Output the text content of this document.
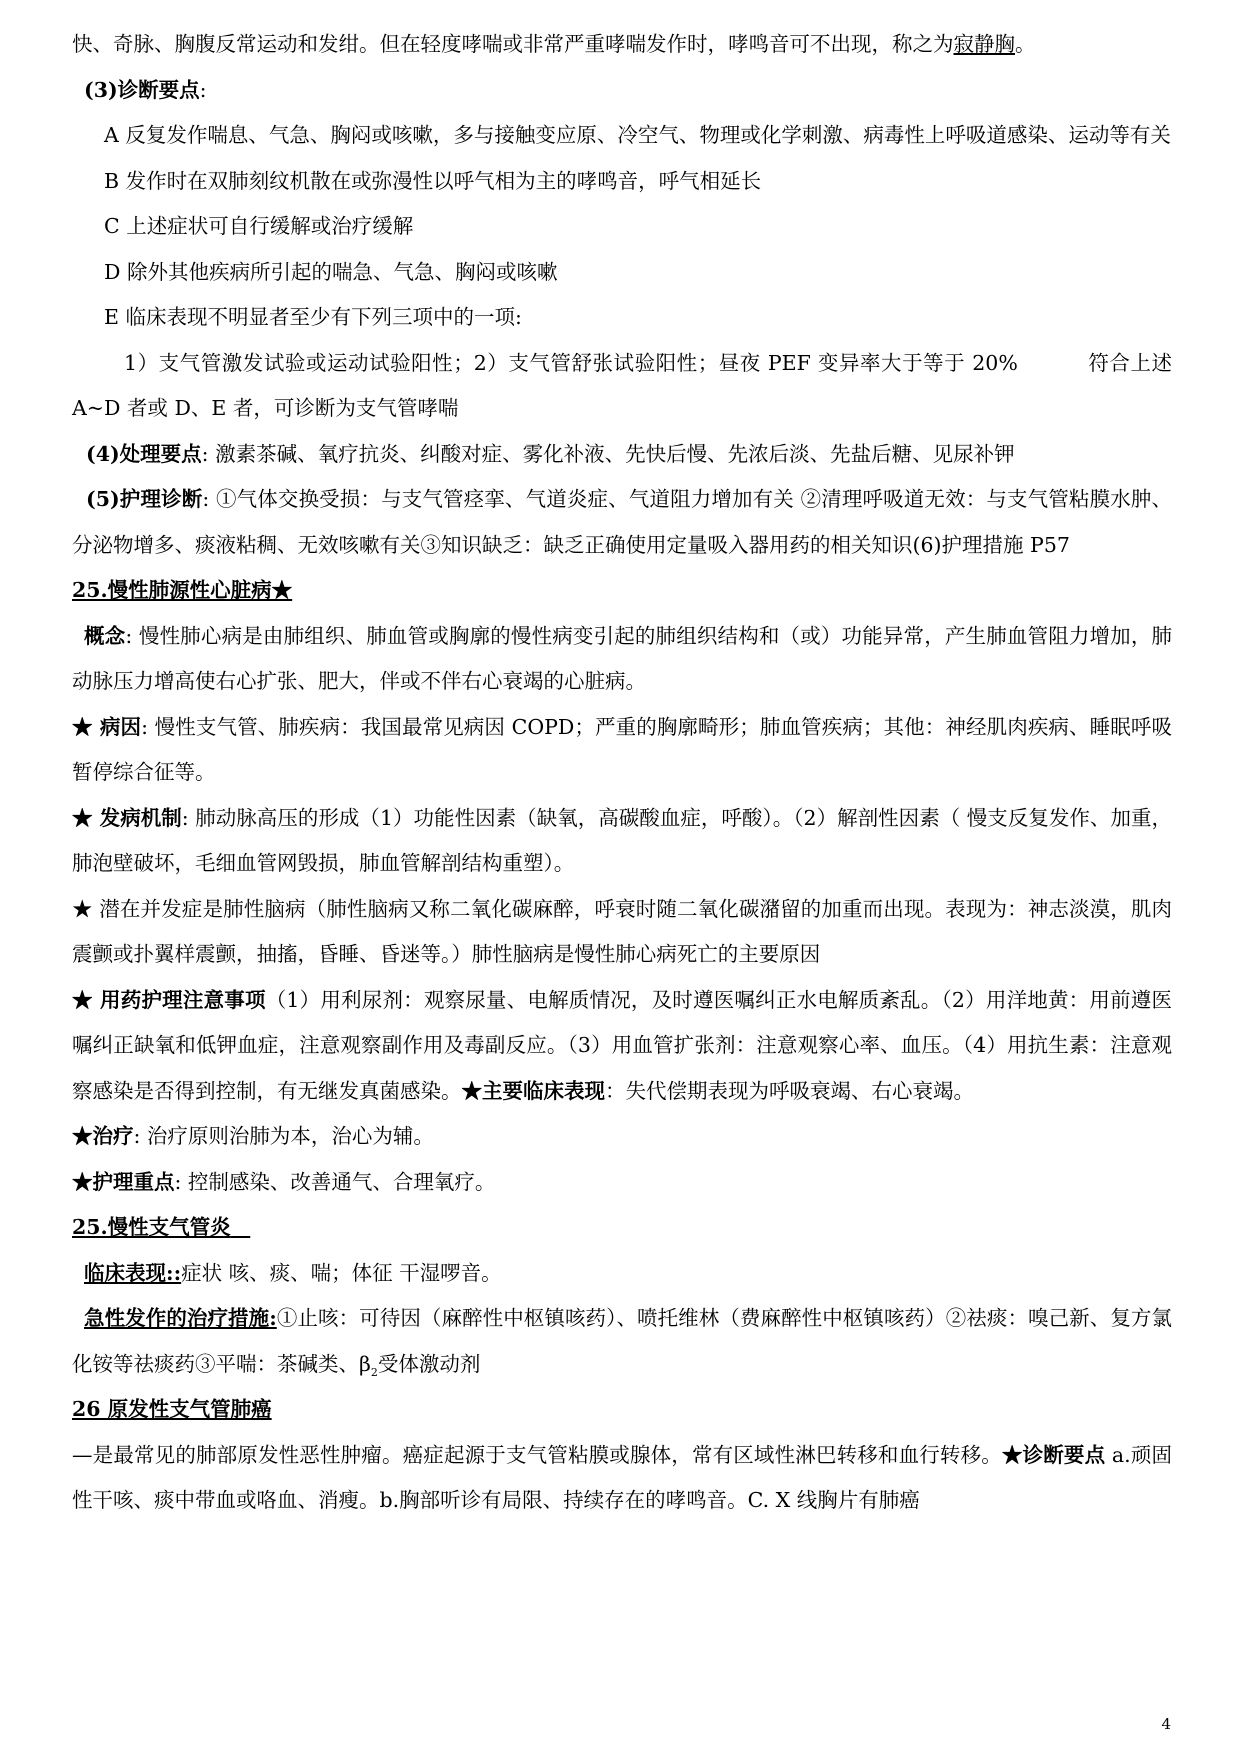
快、奇脉、胸腹反常运动和发绀。但在轻度哮喘或非常严重哮喘发作时，哮鸣音可不出现，称之为寂静胸。

(3)诊断要点:

A 反复发作喘息、气急、胸闷或咳嗽，多与接触变应原、冷空气、物理或化学刺激、病毒性上呼吸道感染、运动等有关

B 发作时在双肺刻纹机散在或弥漫性以呼气相为主的哮鸣音，呼气相延长

C 上述症状可自行缓解或治疗缓解

D 除外其他疾病所引起的喘急、气急、胸闷或咳嗽

E 临床表现不明显者至少有下列三项中的一项:

1）支气管激发试验或运动试验阳性；2）支气管舒张试验阳性；昼夜 PEF 变异率大于等于 20%	符合上述 A~D 者或 D、E 者，可诊断为支气管哮喘

(4)处理要点: 激素茶碱、氧疗抗炎、纠酸对症、雾化补液、先快后慢、先浓后淡、先盐后糖、见尿补钾

(5)护理诊断: ①气体交换受损：与支气管痉挛、气道炎症、气道阻力增加有关 ②清理呼吸道无效：与支气管粘膜水肿、分泌物增多、痰液粘稠、无效咳嗽有关③知识缺乏：缺乏正确使用定量吸入器用药的相关知识(6)护理措施 P57

25.慢性肺源性心脏病★

概念: 慢性肺心病是由肺组织、肺血管或胸廓的慢性病变引起的肺组织结构和（或）功能异常，产生肺血管阻力增加，肺动脉压力增高使右心扩张、肥大，伴或不伴右心衰竭的心脏病。

★ 病因: 慢性支气管、肺疾病：我国最常见病因 COPD；严重的胸廓畸形；肺血管疾病；其他：神经肌肉疾病、睡眠呼吸暂停综合征等。

★ 发病机制: 肺动脉高压的形成（1）功能性因素（缺氧，高碳酸血症，呼酸）。（2）解剖性因素（ 慢支反复发作、加重，肺泡壁破坏，毛细血管网毁损，肺血管解剖结构重塑）。

★ 潜在并发症是肺性脑病（肺性脑病又称二氧化碳麻醉，呼衰时随二氧化碳潴留的加重而出现。表现为：神志淡漠，肌肉震颤或扑翼样震颤，抽搐，昏睡、昏迷等。）肺性脑病是慢性肺心病死亡的主要原因

★ 用药护理注意事项（1）用利尿剂：观察尿量、电解质情况，及时遵医嘱纠正水电解质紊乱。（2）用洋地黄：用前遵医嘱纠正缺氧和低钾血症，注意观察副作用及毒副反应。（3）用血管扩张剂：注意观察心率、血压。（4）用抗生素：注意观察感染是否得到控制，有无继发真菌感染。★主要临床表现：失代偿期表现为呼吸衰竭、右心衰竭。

★治疗: 治疗原则治肺为本，治心为辅。

★护理重点: 控制感染、改善通气、合理氧疗。

25.慢性支气管炎

临床表现::症状 咳、痰、喘；体征 干湿啰音。

急性发作的治疗措施:①止咳：可待因（麻醉性中枢镇咳药）、喷托维林（费麻醉性中枢镇咳药）②祛痰：嗅己新、复方氯化铵等祛痰药③平喘：茶碱类、$\beta_2$受体激动剂

26 原发性支气管肺癌

—是最常见的肺部原发性恶性肿瘤。癌症起源于支气管粘膜或腺体，常有区域性淋巴转移和血行转移。★诊断要点 a.顽固性干咳、痰中带血或咯血、消瘦。b.胸部听诊有局限、持续存在的哮鸣音。C. X 线胸片有肺癌

4
